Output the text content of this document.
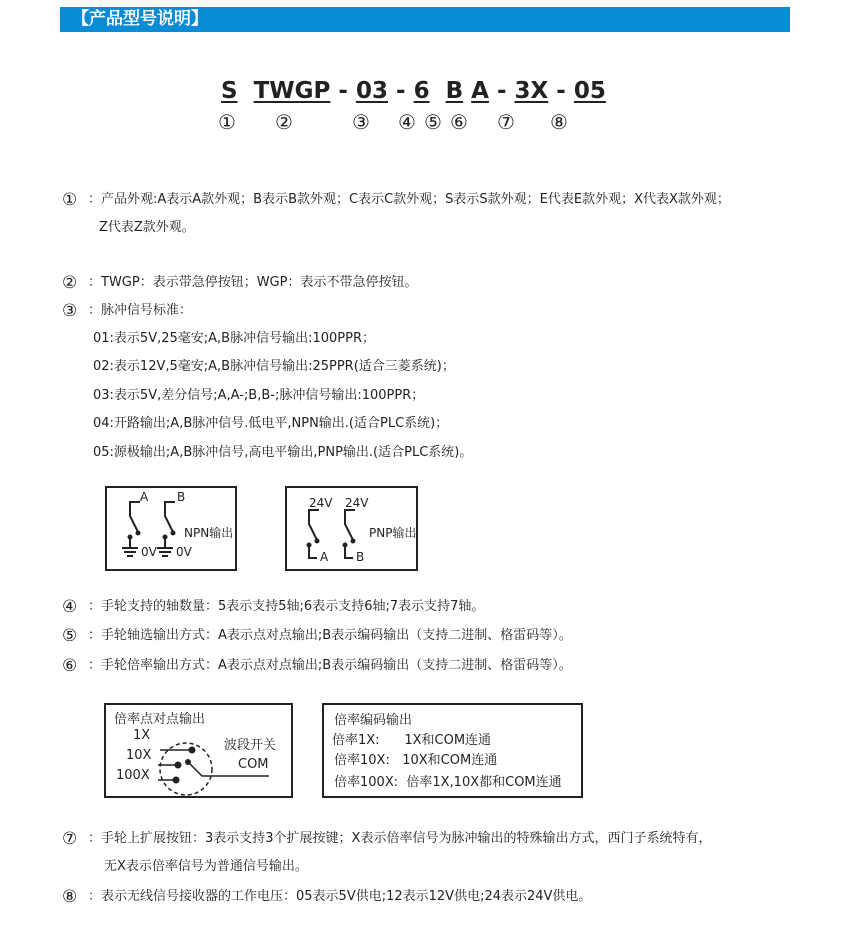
【产品型号说明】
S TWGP - 03 - 6 B A - 3X - 05
① ②	③ ④ ⑤ ⑥ ⑦ ⑧
① ：产品外观:A表示A款外观；B表示B款外观；C表示C款外观；S表示S款外观；E代表E款外观；X代表X款外观；
Z代表Z款外观。
② ：TWGP：表示带急停按钮；WGP：表示不带急停按钮。
③ ：脉冲信号标准：
01:表示5V,25毫安;A,B脉冲信号输出:100PPR；
02:表示12V,5毫安;A,B脉冲信号输出:25PPR(适合三菱系统)；
03:表示5V,差分信号;A,A-;B,B-;脉冲信号输出:100PPR；
04:开路输出;A,B脉冲信号.低电平,NPN输出.(适合PLC系统)；
05:源极输出;A,B脉冲信号,高电平输出,PNP输出.(适合PLC系统)。
A B
0V 0V
NPN输出
24V 24V
A B
PNP输出
④ ：手轮支持的轴数量：5表示支持5轴;6表示支持6轴;7表示支持7轴。
⑤ ：手轮轴选输出方式：A表示点对点输出;B表示编码输出（支持二进制、格雷码等）。
⑥ ：手轮倍率输出方式：A表示点对点输出;B表示编码输出（支持二进制、格雷码等）。
倍率点对点输出
1X
10X
100X
波段开关
COM
倍率编码输出
倍率1X:      1X和COM连通
倍率10X:   10X和COM连通
倍率100X:  倍率1X,10X都和COM连通
⑦ ：手轮上扩展按钮：3表示支持3个扩展按键；X表示倍率信号为脉冲输出的特殊输出方式，西门子系统特有，
无X表示倍率信号为普通信号输出。
⑧ ：表示无线信号接收器的工作电压：05表示5V供电;12表示12V供电;24表示24V供电。
